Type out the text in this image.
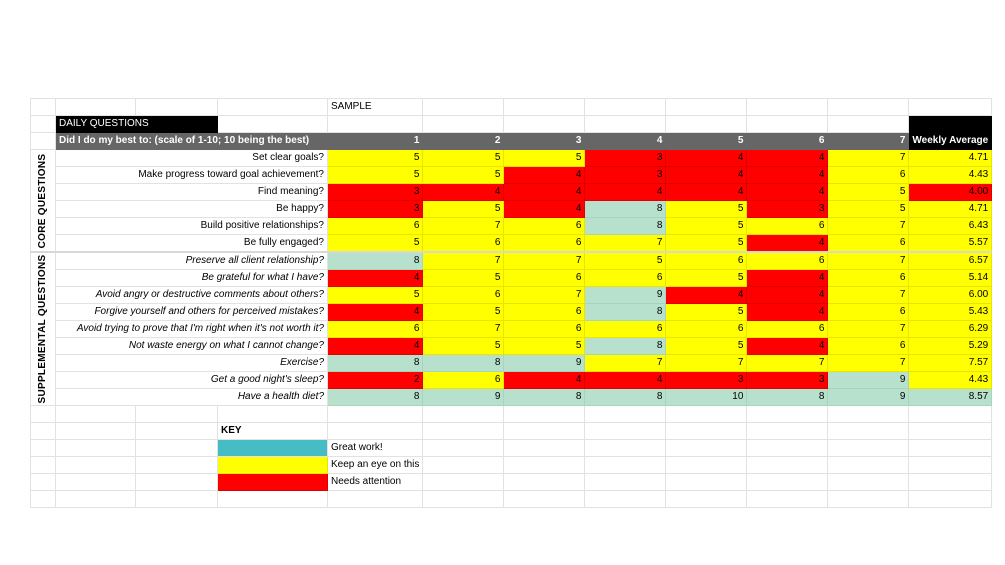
				SAMPLE							
	DAILY QUESTIONS										
	Did I do my best to: (scale of 1-10; 10 being the best)			1	2	3	4	5	6	7	Weekly Average

CORE QUESTIONS	Set clear goals?			5	5	5	3	4	4	7	4.71
	Make progress toward goal achievement?			5	5	4	3	4	4	6	4.43
	Find meaning?			3	4	4	4	4	4	5	4.00
	Be happy?			3	5	4	8	5	3	5	4.71
	Build positive relationships?			6	7	6	8	5	6	7	6.43
	Be fully engaged?			5	6	6	7	5	4	6	5.57

SUPPLEMENTAL QUESTIONS	Preserve all client relationship?			8	7	7	5	6	6	7	6.57
	Be grateful for what I have?			4	5	6	6	5	4	6	5.14
	Avoid angry or destructive comments about others?			5	6	7	9	4	4	7	6.00
	Forgive yourself and others for perceived mistakes?			4	5	6	8	5	4	6	5.43
	Avoid trying to prove that I'm right when it's not worth it?			6	7	6	6	6	6	7	6.29
	Not waste energy on what I cannot change?			4	5	5	8	5	4	6	5.29
	Exercise?			8	8	9	7	7	7	7	7.57
	Get a good night's sleep?			2	6	4	4	3	3	9	4.43
	Have a health diet?			8	9	8	8	10	8	9	8.57

			KEY								
				Great work!							
				Keep an eye on this							
				Needs attention							
